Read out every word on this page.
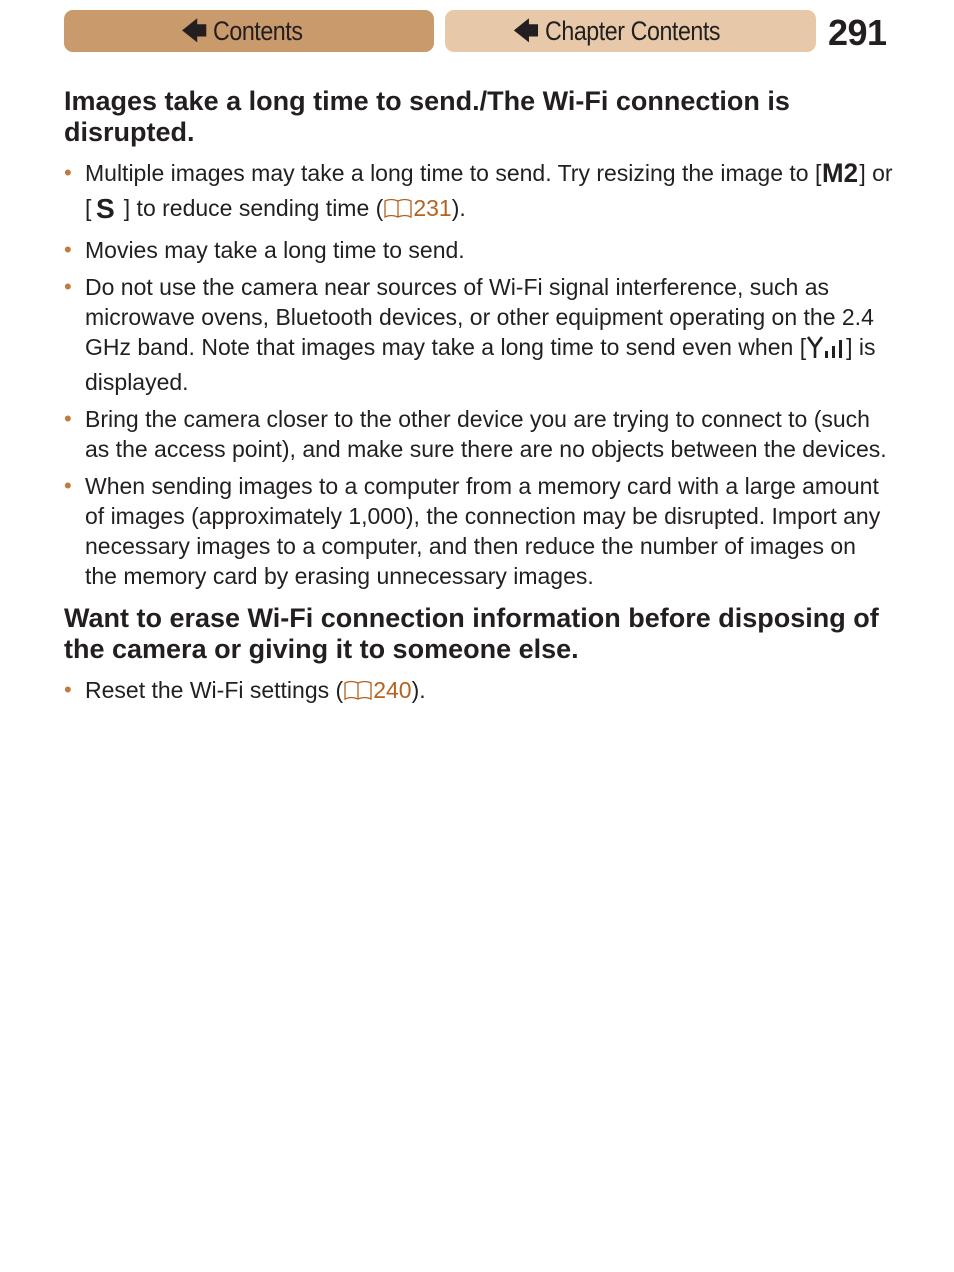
🡄 Contents	🡄 Chapter Contents	291
Images take a long time to send./The Wi-Fi connection is disrupted.
• Multiple images may take a long time to send. Try resizing the image to [ M2 ] or [ S ] to reduce sending time ( 231).
• Movies may take a long time to send.
• Do not use the camera near sources of Wi-Fi signal interference, such as microwave ovens, Bluetooth devices, or other equipment operating on the 2.4 GHz band. Note that images may take a long time to send even when [ ] is displayed.
• Bring the camera closer to the other device you are trying to connect to (such as the access point), and make sure there are no objects between the devices.
• When sending images to a computer from a memory card with a large amount of images (approximately 1,000), the connection may be disrupted. Import any necessary images to a computer, and then reduce the number of images on the memory card by erasing unnecessary images.
Want to erase Wi-Fi connection information before disposing of the camera or giving it to someone else.
• Reset the Wi-Fi settings ( 240).
